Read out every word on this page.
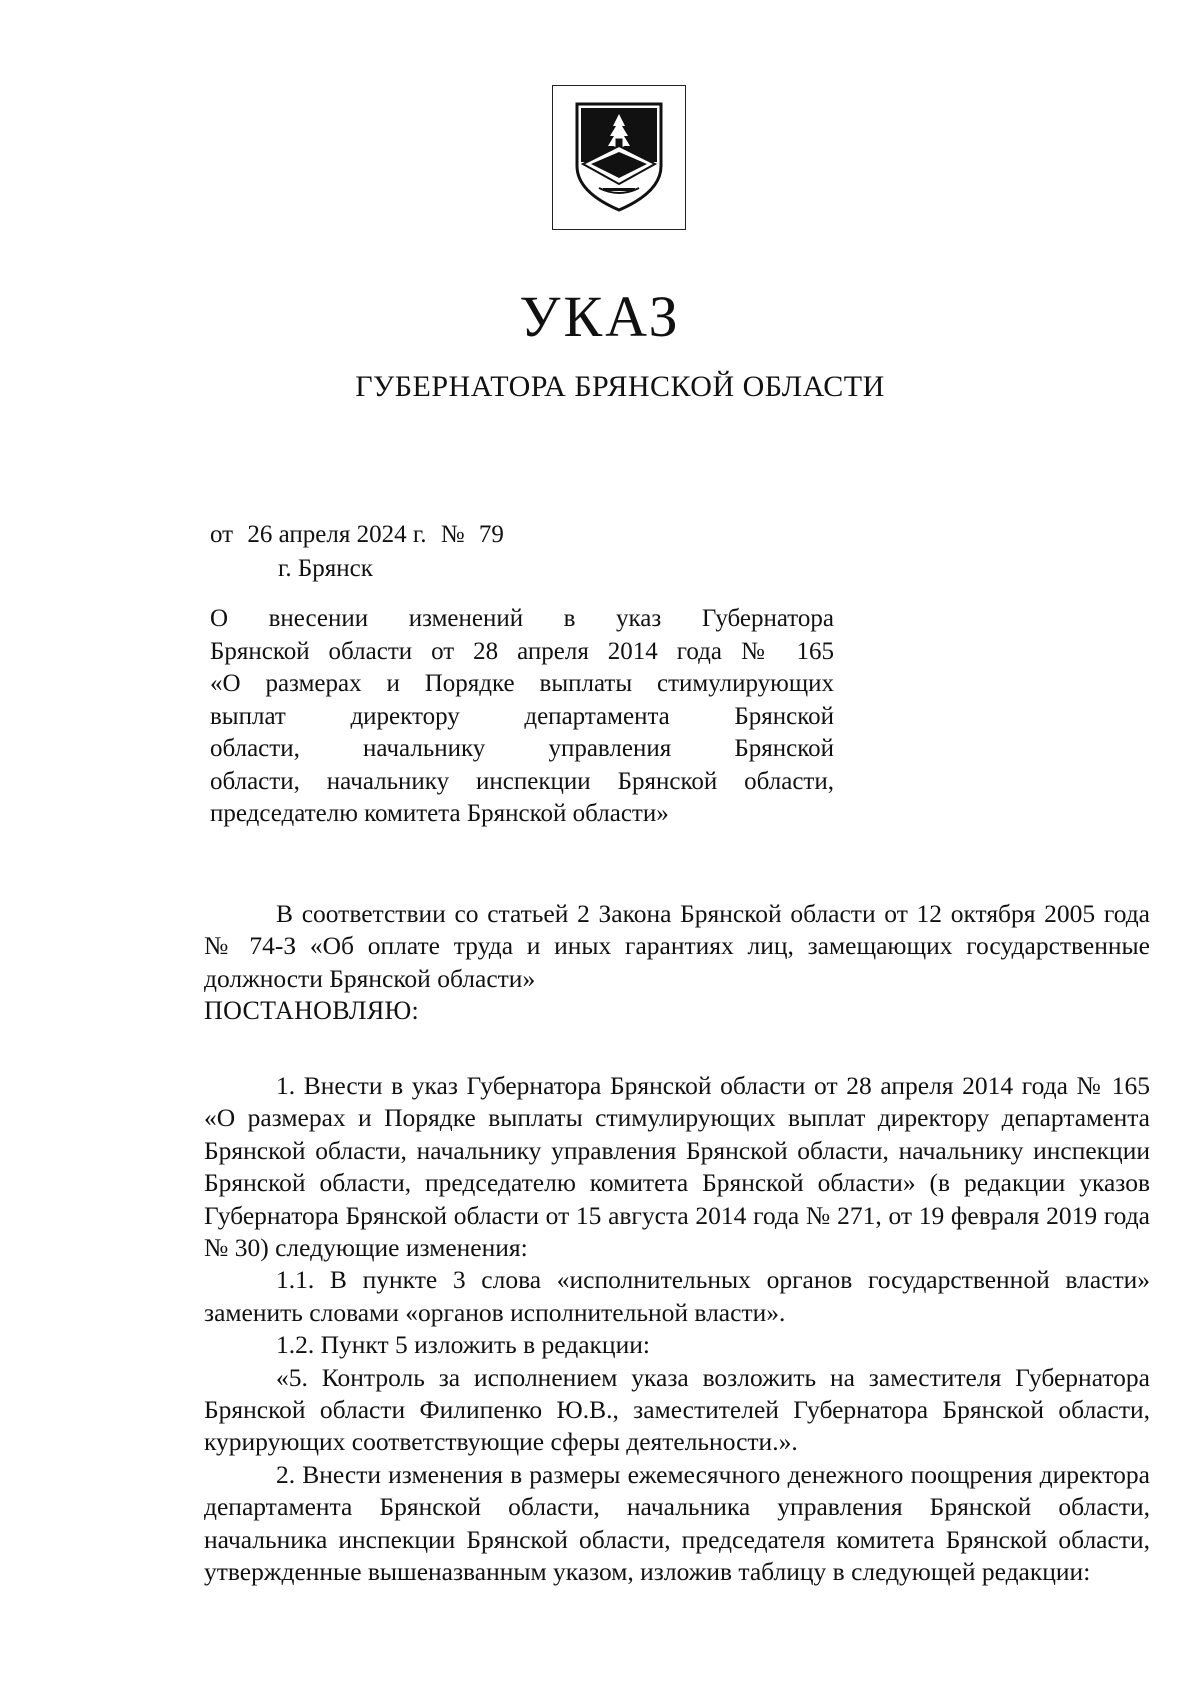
УКАЗ
ГУБЕРНАТОРА БРЯНСКОЙ ОБЛАСТИ
от 26 апреля 2024 г. № 79
г. Брянск
О внесении изменений в указ Губернатора
Брянской области от 28 апреля 2014 года № 165
«О размерах и Порядке выплаты стимулирующих
выплат директору департамента Брянской
области, начальнику управления Брянской
области, начальнику инспекции Брянской области,
председателю комитета Брянской области»

В соответствии со статьей 2 Закона Брянской области от 12 октября 2005 года № 74-З «Об оплате труда и иных гарантиях лиц, замещающих государственные должности Брянской области»

ПОСТАНОВЛЯЮ:

1. Внести в указ Губернатора Брянской области от 28 апреля 2014 года № 165 «О размерах и Порядке выплаты стимулирующих выплат директору департамента Брянской области, начальнику управления Брянской области, начальнику инспекции Брянской области, председателю комитета Брянской области» (в редакции указов Губернатора Брянской области от 15 августа 2014 года № 271, от 19 февраля 2019 года № 30) следующие изменения:

1.1. В пункте 3 слова «исполнительных органов государственной власти» заменить словами «органов исполнительной власти».

1.2. Пункт 5 изложить в редакции:

«5. Контроль за исполнением указа возложить на заместителя Губернатора Брянской области Филипенко Ю.В., заместителей Губернатора Брянской области, курирующих соответствующие сферы деятельности.».

2. Внести изменения в размеры ежемесячного денежного поощрения директора департамента Брянской области, начальника управления Брянской области, начальника инспекции Брянской области, председателя комитета Брянской области, утвержденные вышеназванным указом, изложив таблицу в следующей редакции:
